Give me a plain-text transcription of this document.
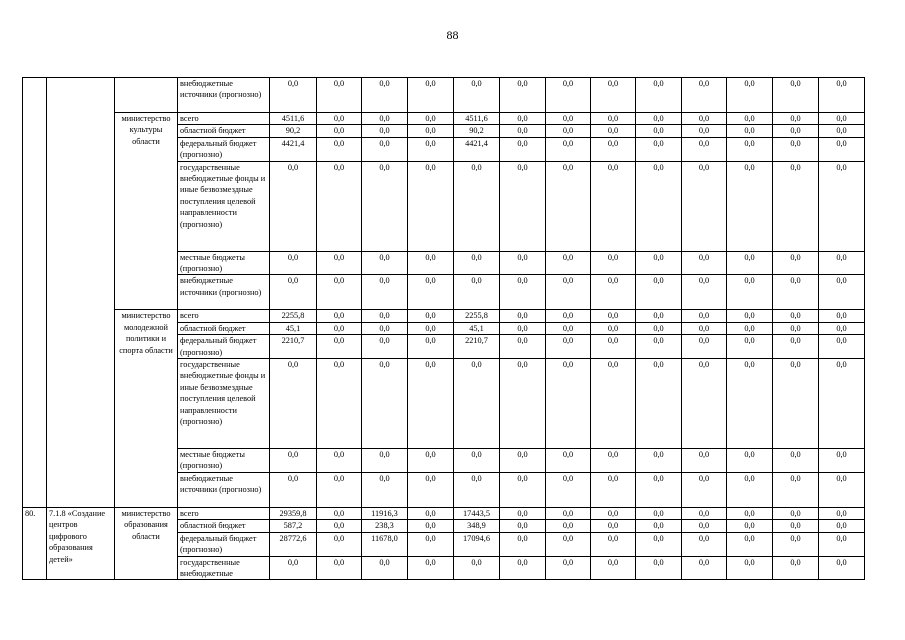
88
			внебюджетные источники (прогнозно)	0,0	0,0	0,0	0,0	0,0	0,0	0,0	0,0	0,0	0,0	0,0	0,0	0,0
		министерство культуры области	всего	4511,6	0,0	0,0	0,0	4511,6	0,0	0,0	0,0	0,0	0,0	0,0	0,0	0,0
			областной бюджет	90,2	0,0	0,0	0,0	90,2	0,0	0,0	0,0	0,0	0,0	0,0	0,0	0,0
			федеральный бюджет (прогнозно)	4421,4	0,0	0,0	0,0	4421,4	0,0	0,0	0,0	0,0	0,0	0,0	0,0	0,0
			государственные внебюджетные фонды и иные безвозмездные поступления целевой направленности (прогнозно)	0,0	0,0	0,0	0,0	0,0	0,0	0,0	0,0	0,0	0,0	0,0	0,0	0,0
			местные бюджеты (прогнозно)	0,0	0,0	0,0	0,0	0,0	0,0	0,0	0,0	0,0	0,0	0,0	0,0	0,0
			внебюджетные источники (прогнозно)	0,0	0,0	0,0	0,0	0,0	0,0	0,0	0,0	0,0	0,0	0,0	0,0	0,0
		министерство молодежной политики и спорта области	всего	2255,8	0,0	0,0	0,0	2255,8	0,0	0,0	0,0	0,0	0,0	0,0	0,0	0,0
			областной бюджет	45,1	0,0	0,0	0,0	45,1	0,0	0,0	0,0	0,0	0,0	0,0	0,0	0,0
			федеральный бюджет (прогнозно)	2210,7	0,0	0,0	0,0	2210,7	0,0	0,0	0,0	0,0	0,0	0,0	0,0	0,0
			государственные внебюджетные фонды и иные безвозмездные поступления целевой направленности (прогнозно)	0,0	0,0	0,0	0,0	0,0	0,0	0,0	0,0	0,0	0,0	0,0	0,0	0,0
			местные бюджеты (прогнозно)	0,0	0,0	0,0	0,0	0,0	0,0	0,0	0,0	0,0	0,0	0,0	0,0	0,0
			внебюджетные источники (прогнозно)	0,0	0,0	0,0	0,0	0,0	0,0	0,0	0,0	0,0	0,0	0,0	0,0	0,0
80.	7.1.8 «Создание центров цифрового образования детей»	министерство образования области	всего	29359,8	0,0	11916,3	0,0	17443,5	0,0	0,0	0,0	0,0	0,0	0,0	0,0	0,0
			областной бюджет	587,2	0,0	238,3	0,0	348,9	0,0	0,0	0,0	0,0	0,0	0,0	0,0	0,0
			федеральный бюджет (прогнозно)	28772,6	0,0	11678,0	0,0	17094,6	0,0	0,0	0,0	0,0	0,0	0,0	0,0	0,0
			государственные внебюджетные	0,0	0,0	0,0	0,0	0,0	0,0	0,0	0,0	0,0	0,0	0,0	0,0	0,0
